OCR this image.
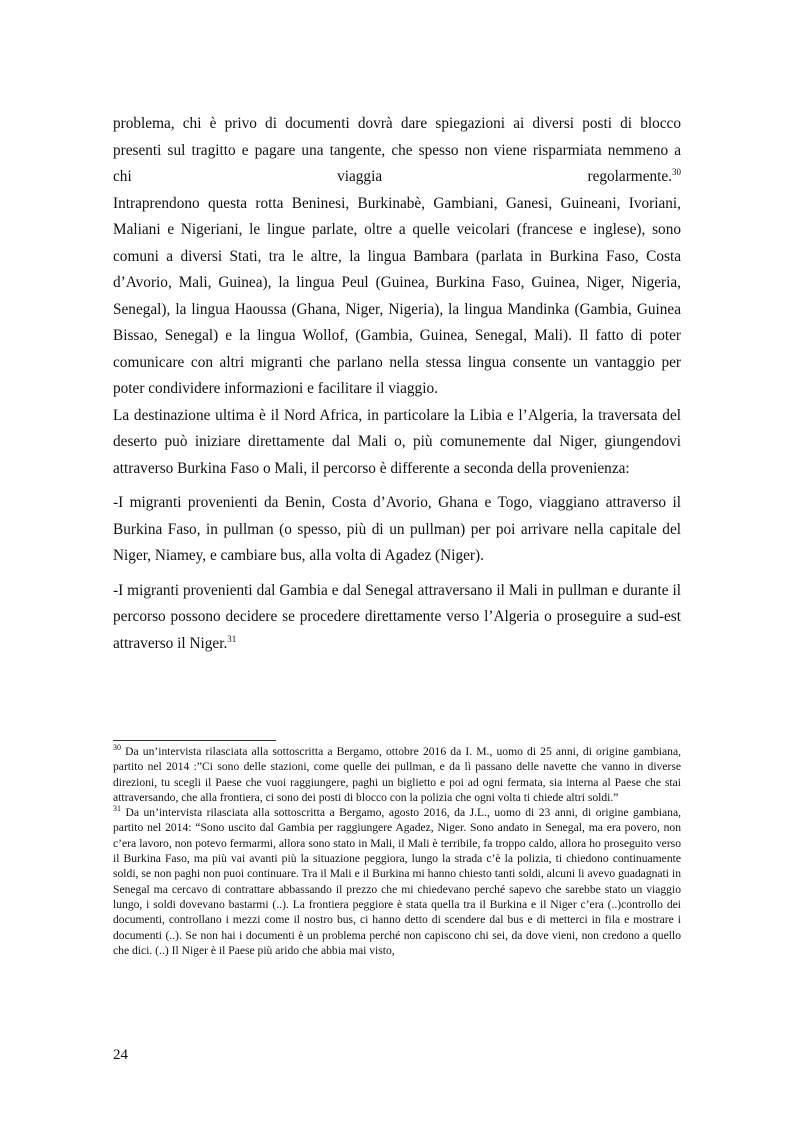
problema, chi è privo di documenti dovrà dare spiegazioni ai diversi posti di blocco

presenti sul tragitto e pagare una tangente, che spesso non viene risparmiata nemmeno a

chi	viaggia	regolarmente.$^{30}$

Intraprendono questa rotta Beninesi, Burkinabè, Gambiani, Ganesi, Guineani, Ivoriani, Maliani e Nigeriani, le lingue parlate, oltre a quelle veicolari (francese e inglese), sono comuni a diversi Stati, tra le altre, la lingua Bambara (parlata in Burkina Faso, Costa d’Avorio, Mali, Guinea), la lingua Peul (Guinea, Burkina Faso, Guinea, Niger, Nigeria, Senegal), la lingua Haoussa (Ghana, Niger, Nigeria), la lingua Mandinka (Gambia, Guinea Bissao, Senegal) e la lingua Wollof, (Gambia, Guinea, Senegal, Mali). Il fatto di poter comunicare con altri migranti che parlano nella stessa lingua consente un vantaggio per poter condividere informazioni e facilitare il viaggio.

La destinazione ultima è il Nord Africa, in particolare la Libia e l’Algeria, la traversata del deserto può iniziare direttamente dal Mali o, più comunemente dal Niger, giungendovi attraverso Burkina Faso o Mali, il percorso è differente a seconda della provenienza:

-I migranti provenienti da Benin, Costa d’Avorio, Ghana e Togo, viaggiano attraverso il Burkina Faso, in pullman (o spesso, più di un pullman) per poi arrivare nella capitale del Niger, Niamey, e cambiare bus, alla volta di Agadez (Niger).

-I migranti provenienti dal Gambia e dal Senegal attraversano il Mali in pullman e durante il percorso possono decidere se procedere direttamente verso l’Algeria o proseguire a sud-est attraverso il Niger.$^{31}$

$^{30}$ Da un’intervista rilasciata alla sottoscritta a Bergamo, ottobre 2016 da I. M., uomo di 25 anni, di origine gambiana, partito nel 2014 :”Ci sono delle stazioni, come quelle dei pullman, e da lì passano delle navette che vanno in diverse direzioni, tu scegli il Paese che vuoi raggiungere, paghi un biglietto e poi ad ogni fermata, sia interna al Paese che stai attraversando, che alla frontiera, ci sono dei posti di blocco con la polizia che ogni volta ti chiede altri soldi.”

$^{31}$ Da un’intervista rilasciata alla sottoscritta a Bergamo, agosto 2016, da J.L., uomo di 23 anni, di origine gambiana, partito nel 2014: “Sono uscito dal Gambia per raggiungere Agadez, Niger. Sono andato in Senegal, ma era povero, non c’era lavoro, non potevo fermarmi, allora sono stato in Mali, il Mali è terribile, fa troppo caldo, allora ho proseguito verso il Burkina Faso, ma più vai avanti più la situazione peggiora, lungo la strada c’è la polizia, ti chiedono continuamente soldi, se non paghi non puoi continuare. Tra il Mali e il Burkina mi hanno chiesto tanti soldi, alcuni li avevo guadagnati in Senegal ma cercavo di contrattare abbassando il prezzo che mi chiedevano perché sapevo che sarebbe stato un viaggio lungo, i soldi dovevano bastarmi (..). La frontiera peggiore è stata quella tra il Burkina e il Niger c’era (..)controllo dei documenti, controllano i mezzi come il nostro bus, ci hanno detto di scendere dal bus e di metterci in fila e mostrare i documenti (..). Se non hai i documenti è un problema perché non capiscono chi sei, da dove vieni, non credono a quello che dici. (..) Il Niger è il Paese più arido che abbia mai visto,

24
